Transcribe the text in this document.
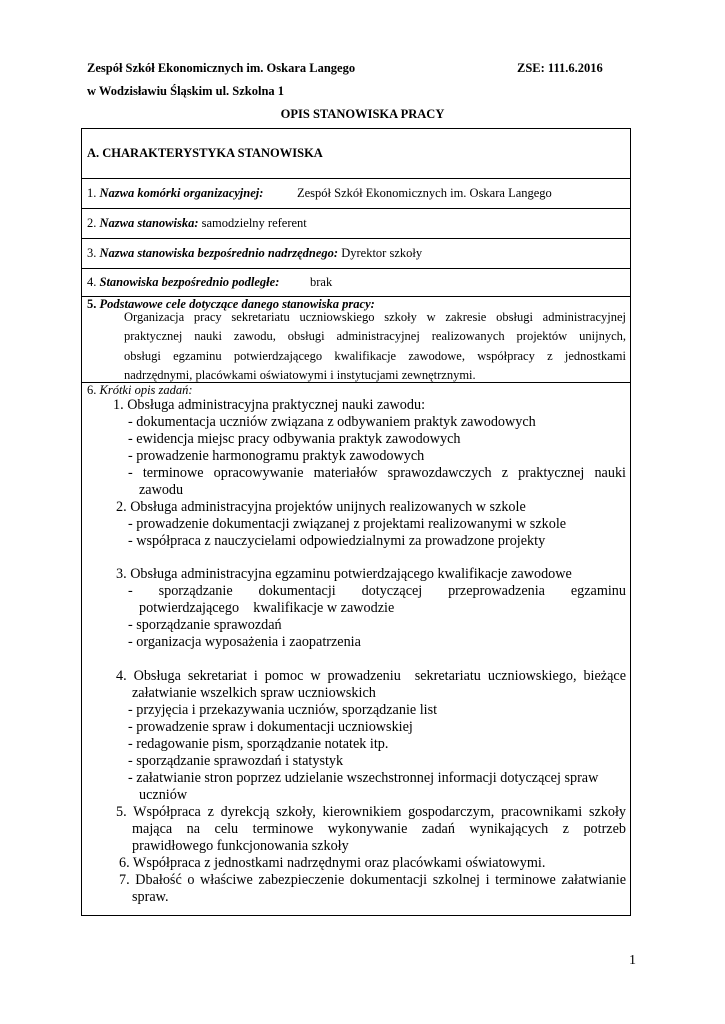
Zespół Szkół Ekonomicznych im. Oskara Langego	ZSE: 111.6.2016
w Wodzisławiu Śląskim ul. Szkolna 1
OPIS STANOWISKA PRACY
A. CHARAKTERYSTYKA STANOWISKA
1. Nazwa komórki organizacyjnej:	Zespół Szkół Ekonomicznych im. Oskara Langego
2. Nazwa stanowiska: samodzielny referent
3. Nazwa stanowiska bezpośrednio nadrzędnego: Dyrektor szkoły
4. Stanowiska bezpośrednio podległe: brak
5. Podstawowe cele dotyczące danego stanowiska pracy:
Organizacja pracy sekretariatu uczniowskiego szkoły w zakresie obsługi administracyjnej
praktycznej nauki zawodu, obsługi administracyjnej realizowanych projektów unijnych,
obsługi egzaminu potwierdzającego kwalifikacje zawodowe, współpracy z jednostkami
nadrzędnymi, placówkami oświatowymi i instytucjami zewnętrznymi.
6. Krótki opis zadań:
1. Obsługa administracyjna praktycznej nauki zawodu:
- dokumentacja uczniów związana z odbywaniem praktyk zawodowych
- ewidencja miejsc pracy odbywania praktyk zawodowych
- prowadzenie harmonogramu praktyk zawodowych
- terminowe opracowywanie materiałów sprawozdawczych z praktycznej nauki
zawodu
2. Obsługa administracyjna projektów unijnych realizowanych w szkole
- prowadzenie dokumentacji związanej z projektami realizowanymi w szkole
- współpraca z nauczycielami odpowiedzialnymi za prowadzone projekty
3. Obsługa administracyjna egzaminu potwierdzającego kwalifikacje zawodowe
- sporządzanie dokumentacji dotyczącej przeprowadzenia egzaminu
potwierdzającego    kwalifikacje w zawodzie
- sporządzanie sprawozdań
- organizacja wyposażenia i zaopatrzenia
4. Obsługa sekretariat i pomoc w prowadzeniu  sekretariatu uczniowskiego, bieżące
załatwianie wszelkich spraw uczniowskich
- przyjęcia i przekazywania uczniów, sporządzanie list
- prowadzenie spraw i dokumentacji uczniowskiej
- redagowanie pism, sporządzanie notatek itp.
- sporządzanie sprawozdań i statystyk
- załatwianie stron poprzez udzielanie wszechstronnej informacji dotyczącej spraw
uczniów
5. Współpraca z dyrekcją szkoły, kierownikiem gospodarczym, pracownikami szkoły
mająca na celu terminowe wykonywanie zadań wynikających z potrzeb
prawidłowego funkcjonowania szkoły
6. Współpraca z jednostkami nadrzędnymi oraz placówkami oświatowymi.
7. Dbałość o właściwe zabezpieczenie dokumentacji szkolnej i terminowe załatwianie
spraw.
1
